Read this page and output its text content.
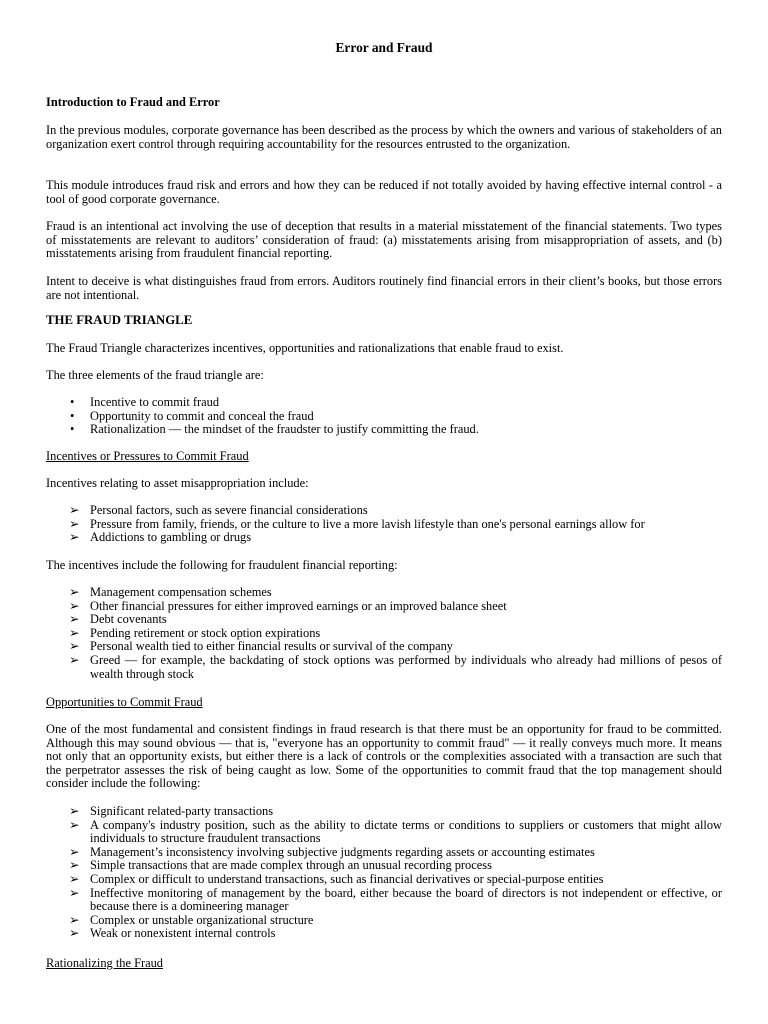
Error and Fraud
Introduction to Fraud and Error
In the previous modules, corporate governance has been described as the process by which the owners and various of stakeholders of an organization exert control through requiring accountability for the resources entrusted to the organization.
This module introduces fraud risk and errors and how they can be reduced if not totally avoided by having effective internal control - a tool of good corporate governance.
Fraud is an intentional act involving the use of deception that results in a material misstatement of the financial statements. Two types of misstatements are relevant to auditors’ consideration of fraud: (a) misstatements arising from misappropriation of assets, and (b) misstatements arising from fraudulent financial reporting.
Intent to deceive is what distinguishes fraud from errors. Auditors routinely find financial errors in their client’s books, but those errors are not intentional.
THE FRAUD TRIANGLE
The Fraud Triangle characterizes incentives, opportunities and rationalizations that enable fraud to exist.
The three elements of the fraud triangle are:
• Incentive to commit fraud
• Opportunity to commit and conceal the fraud
• Rationalization — the mindset of the fraudster to justify committing the fraud.
Incentives or Pressures to Commit Fraud
Incentives relating to asset misappropriation include:
➢ Personal factors, such as severe financial considerations
➢ Pressure from family, friends, or the culture to live a more lavish lifestyle than one's personal earnings allow for
➢ Addictions to gambling or drugs
The incentives include the following for fraudulent financial reporting:
➢ Management compensation schemes
➢ Other financial pressures for either improved earnings or an improved balance sheet
➢ Debt covenants
➢ Pending retirement or stock option expirations
➢ Personal wealth tied to either financial results or survival of the company
➢ Greed — for example, the backdating of stock options was performed by individuals who already had millions of pesos of wealth through stock
Opportunities to Commit Fraud
One of the most fundamental and consistent findings in fraud research is that there must be an opportunity for fraud to be committed. Although this may sound obvious — that is, "everyone has an opportunity to commit fraud" — it really conveys much more. It means not only that an opportunity exists, but either there is a lack of controls or the complexities associated with a transaction are such that the perpetrator assesses the risk of being caught as low. Some of the opportunities to commit fraud that the top management should consider include the following:
➢ Significant related-party transactions
➢ A company's industry position, such as the ability to dictate terms or conditions to suppliers or customers that might allow individuals to structure fraudulent transactions
➢ Management’s inconsistency involving subjective judgments regarding assets or accounting estimates
➢ Simple transactions that are made complex through an unusual recording process
➢ Complex or difficult to understand transactions, such as financial derivatives or special-purpose entities
➢ Ineffective monitoring of management by the board, either because the board of directors is not independent or effective, or because there is a domineering manager
➢ Complex or unstable organizational structure
➢ Weak or nonexistent internal controls
Rationalizing the Fraud
